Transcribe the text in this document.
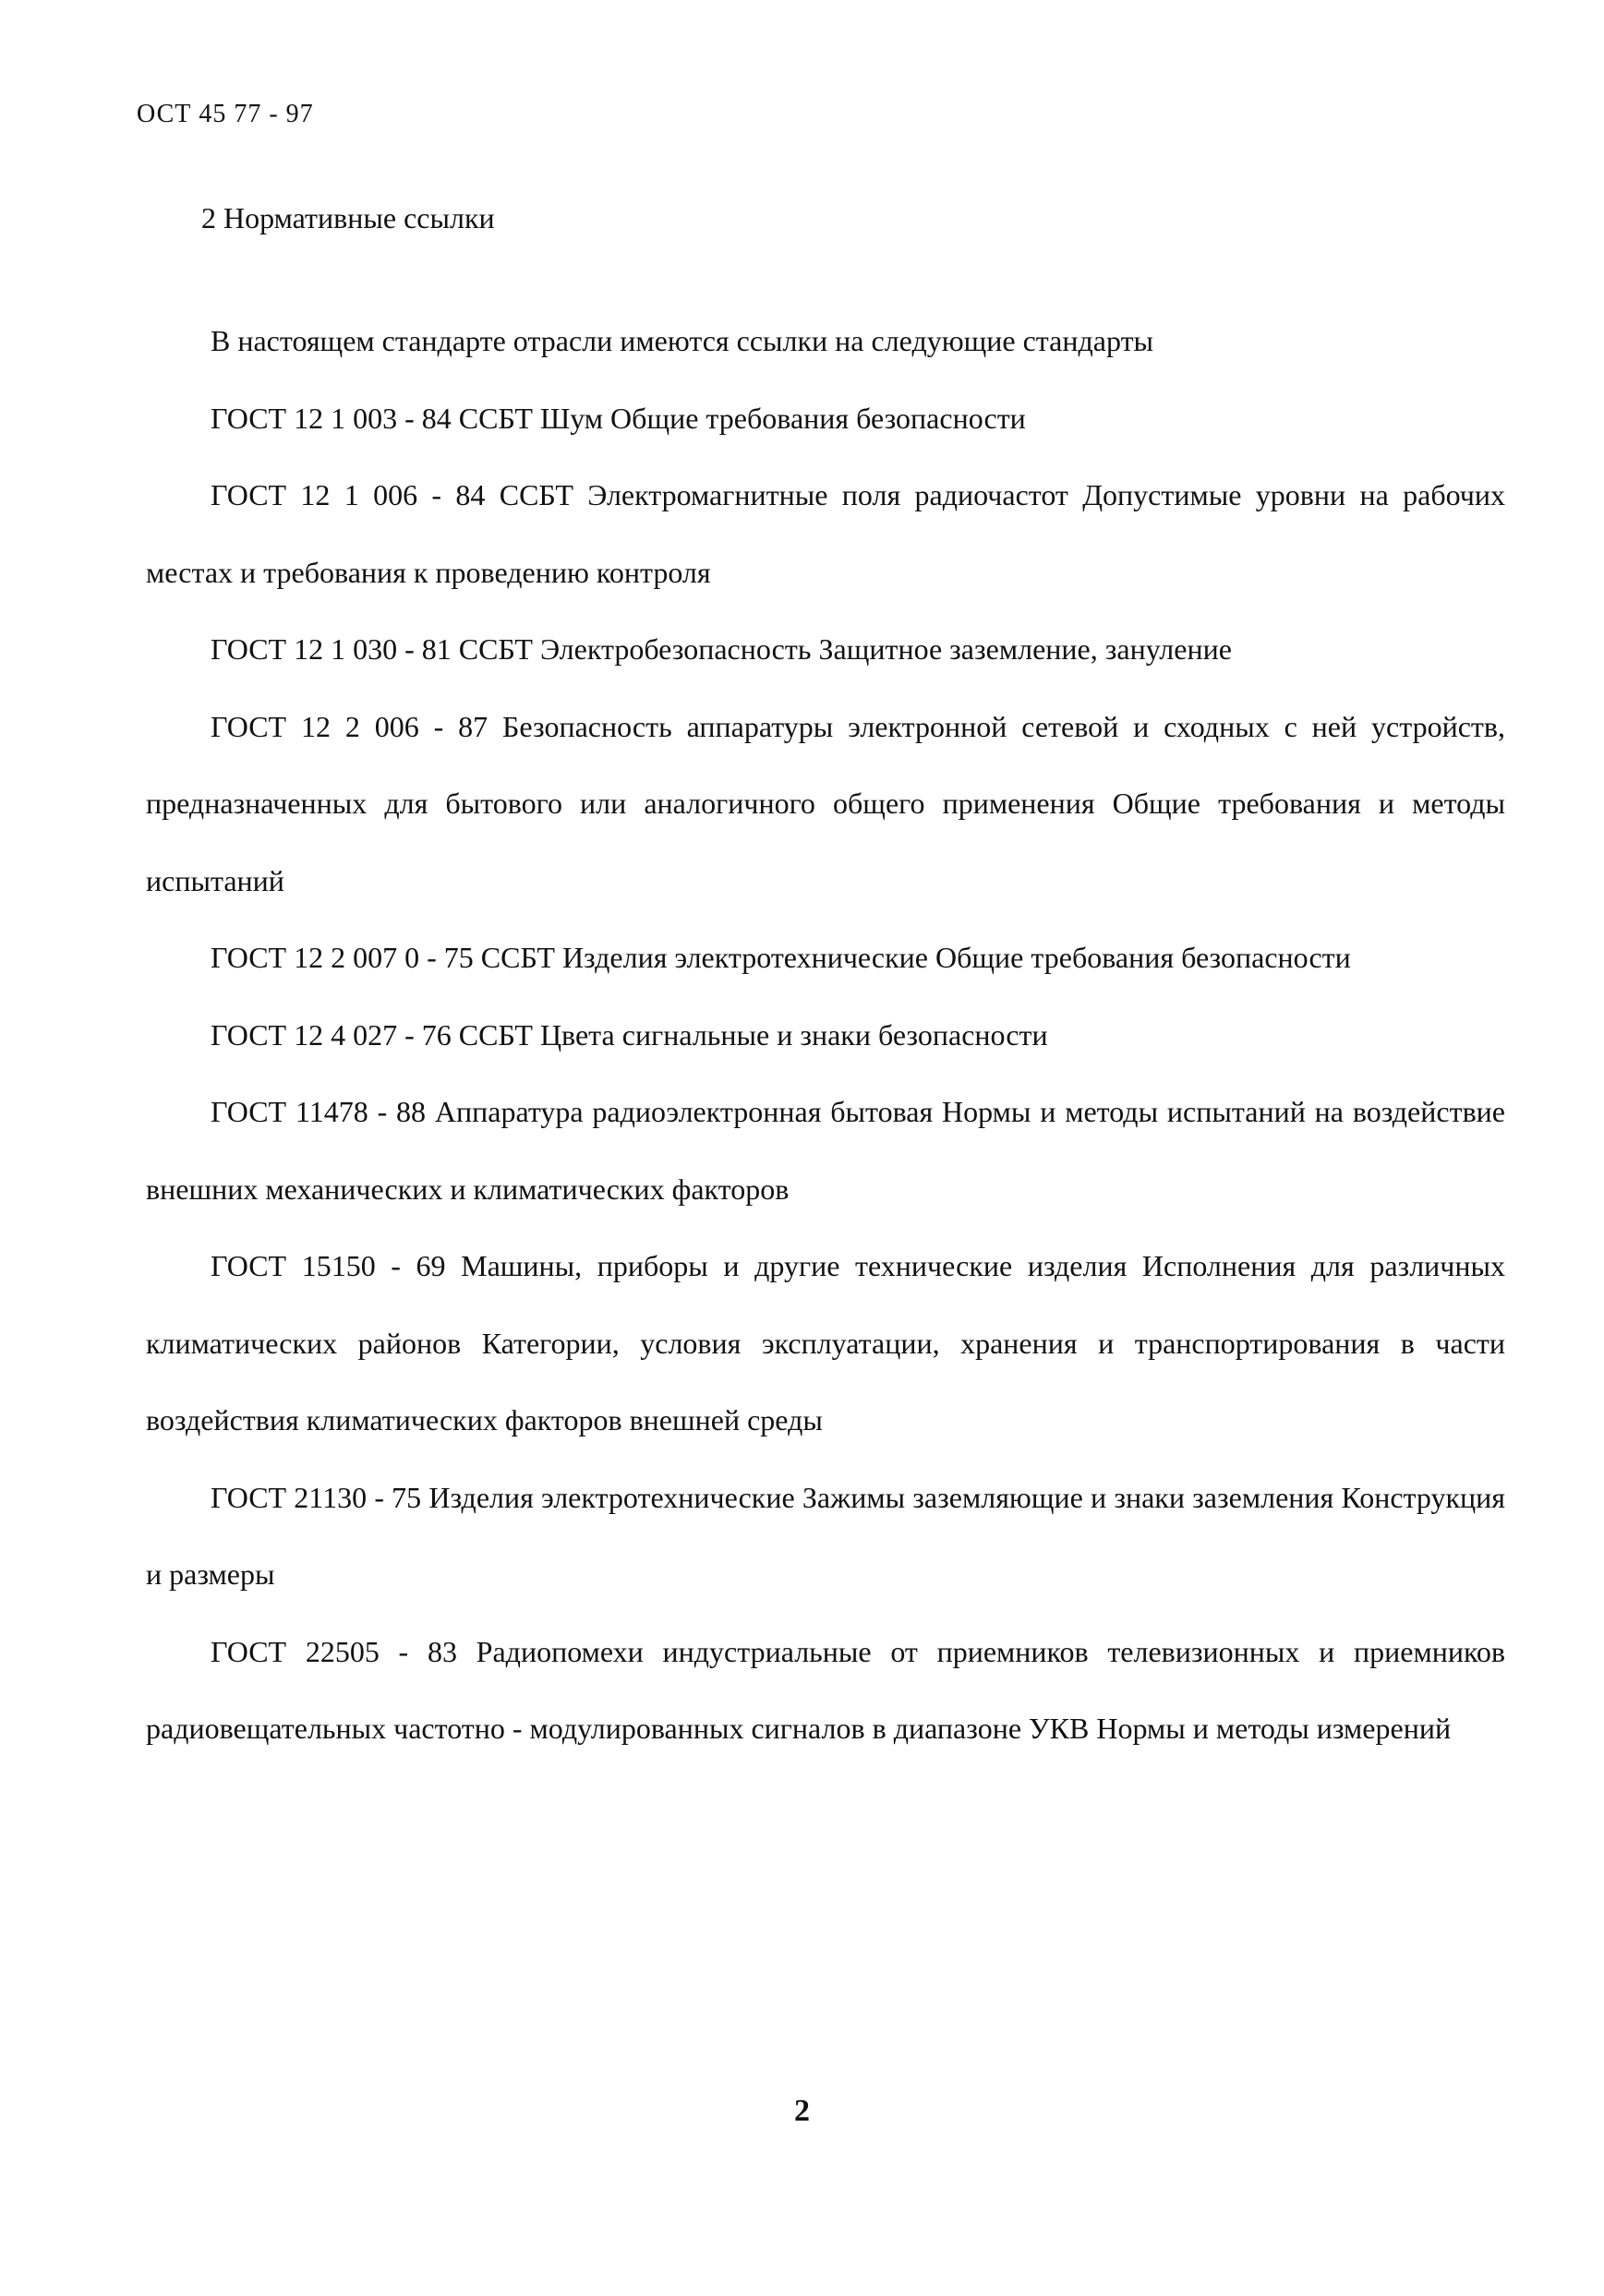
ОСТ 45 77 - 97
2 Нормативные ссылки

В настоящем стандарте отрасли имеются ссылки на следующие стандарты

ГОСТ 12 1 003 - 84 ССБТ Шум Общие требования безопасности

ГОСТ 12 1 006 - 84 ССБТ Электромагнитные поля радиочастот Допустимые уровни на рабочих местах и требования к проведению контроля

ГОСТ 12 1 030 - 81 ССБТ Электробезопасность Защитное заземление, зануление

ГОСТ 12 2 006 - 87 Безопасность аппаратуры электронной сетевой и сходных с ней устройств, предназначенных для бытового или аналогичного общего применения Общие требования и методы испытаний

ГОСТ 12 2 007 0 - 75 ССБТ Изделия электротехнические Общие требования безопасности

ГОСТ 12 4 027 - 76 ССБТ Цвета сигнальные и знаки безопасности

ГОСТ 11478 - 88 Аппаратура радиоэлектронная бытовая Нормы и методы испытаний на воздействие внешних механических и климатических факторов

ГОСТ 15150 - 69 Машины, приборы и другие технические изделия Исполнения для различных климатических районов Категории, условия эксплуатации, хранения и транспортирования в части воздействия климатических факторов внешней среды

ГОСТ 21130 - 75 Изделия электротехнические Зажимы заземляющие и знаки заземления Конструкция и размеры

ГОСТ 22505 - 83 Радиопомехи индустриальные от приемников телевизионных и приемников радиовещательных частотно - модулированных сигналов в диапазоне УКВ Нормы и методы измерений

2
